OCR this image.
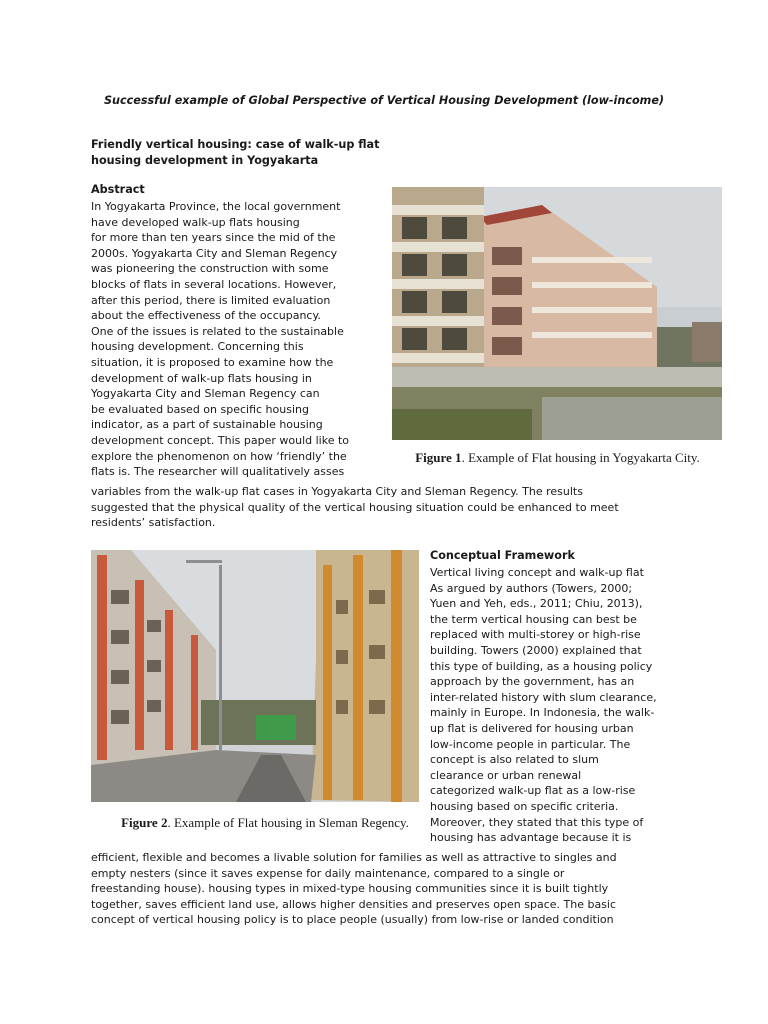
Successful example of Global Perspective of Vertical Housing Development (low-income)
Friendly vertical housing: case of walk-up flat housing development in Yogyakarta
Abstract
In Yogyakarta Province, the local government
have developed walk-up flats housing
for more than ten years since the mid of the
2000s. Yogyakarta City and Sleman Regency
was pioneering the construction with some
blocks of flats in several locations. However,
after this period, there is limited evaluation
about the effectiveness of the occupancy.
One of the issues is related to the sustainable
housing development. Concerning this
situation, it is proposed to examine how the
development of walk-up flats housing in
Yogyakarta City and Sleman Regency can
be evaluated based on specific housing
indicator, as a part of sustainable housing
development concept. This paper would like to
explore the phenomenon on how ‘friendly’ the
flats is. The researcher will qualitatively asses
variables from the walk-up flat cases in Yogyakarta City and Sleman Regency. The results
suggested that the physical quality of the vertical housing situation could be enhanced to meet
residents’ satisfaction.
Figure 1. Example of Flat housing in Yogyakarta City.
Figure 2. Example of Flat housing in Sleman Regency.
Conceptual Framework
Vertical living concept and walk-up flat
As argued by authors (Towers, 2000;
Yuen and Yeh, eds., 2011; Chiu, 2013),
the term vertical housing can best be
replaced with multi-storey or high-rise
building. Towers (2000) explained that
this type of building, as a housing policy
approach by the government, has an
inter-related history with slum clearance,
mainly in Europe. In Indonesia, the walk-
up flat is delivered for housing urban
low-income people in particular. The
concept is also related to slum
clearance or urban renewal
categorized walk-up flat as a low-rise
housing based on specific criteria.
Moreover, they stated that this type of
housing has advantage because it is
efficient, flexible and becomes a livable solution for families as well as attractive to singles and
empty nesters (since it saves expense for daily maintenance, compared to a single or
freestanding house). housing types in mixed-type housing communities since it is built tightly
together, saves efficient land use, allows higher densities and preserves open space. The basic
concept of vertical housing policy is to place people (usually) from low-rise or landed condition
